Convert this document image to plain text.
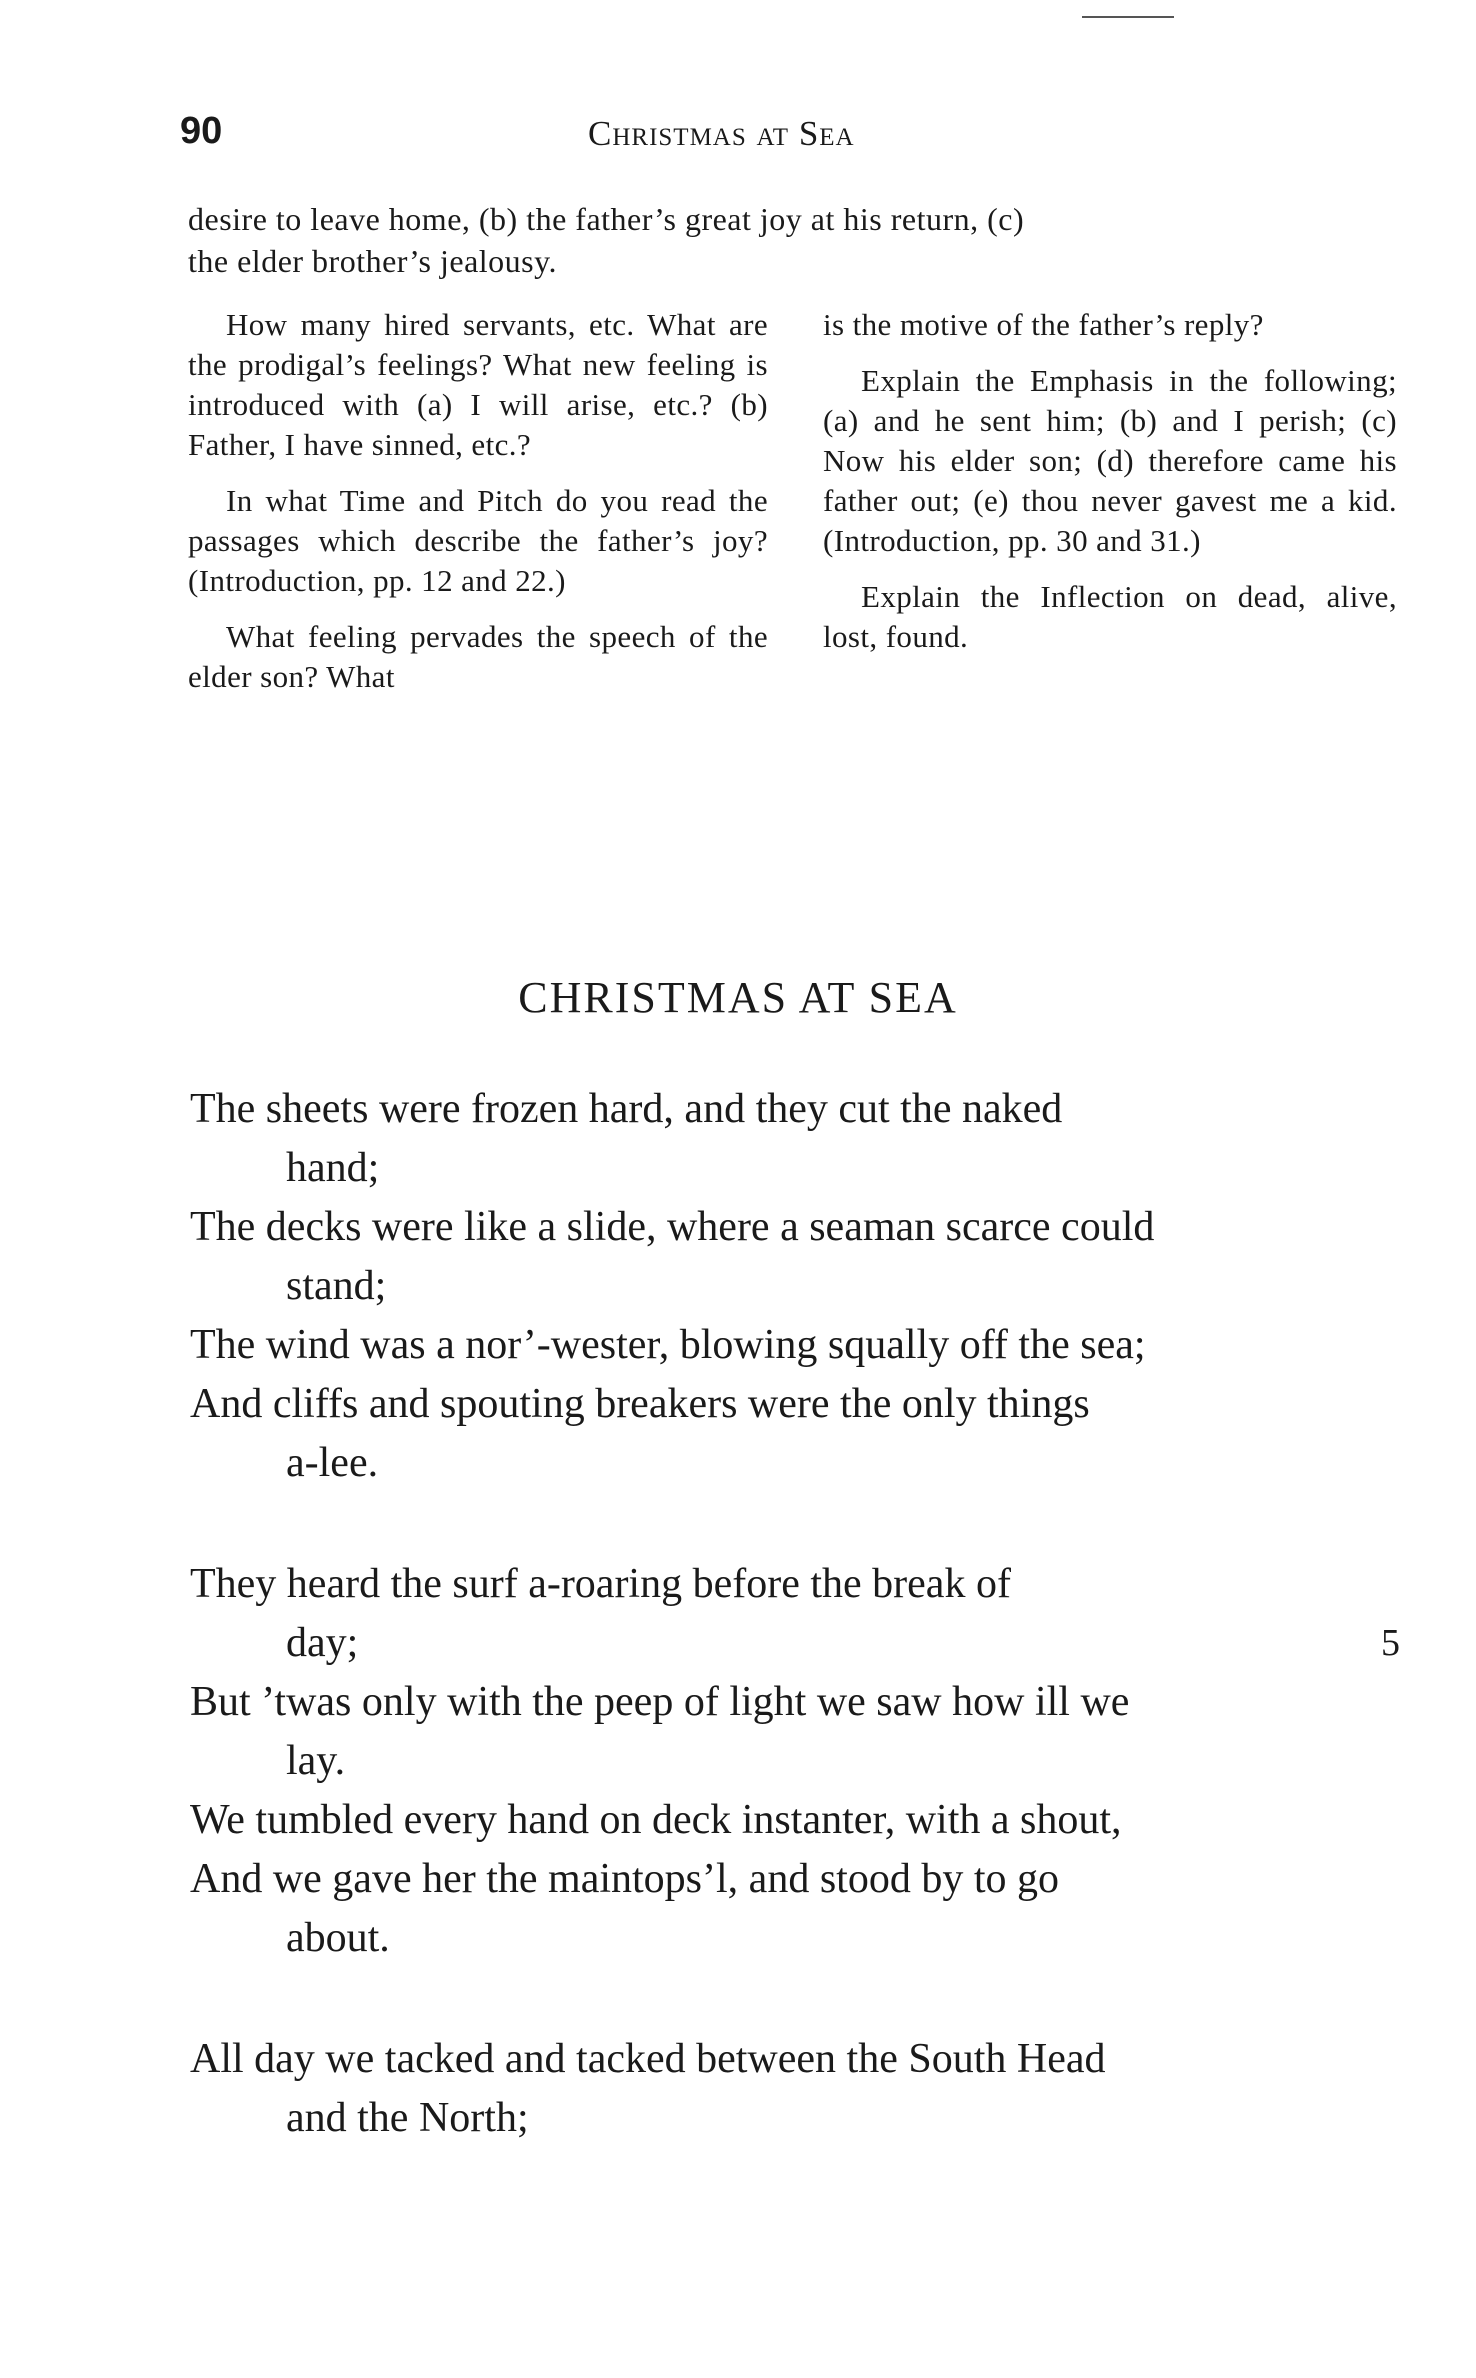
90	Christmas at Sea
desire to leave home, (b) the father’s great joy at his return, (c)
the elder brother’s jealousy.

How many hired servants, etc. What are the prodigal’s feelings? What new feeling is introduced with (a) I will arise, etc.? (b) Father, I have sinned, etc.?

In what Time and Pitch do you read the passages which describe the father’s joy? (Introduction, pp. 12 and 22.)

What feeling pervades the speech of the elder son? What

is the motive of the father’s reply?

Explain the Emphasis in the following; (a) and he sent him; (b) and I perish; (c) Now his elder son; (d) therefore came his father out; (e) thou never gavest me a kid. (Introduction, pp. 30 and 31.)

Explain the Inflection on dead, alive, lost, found.

CHRISTMAS AT SEA
The sheets were frozen hard, and they cut the naked
hand;
The decks were like a slide, where a seaman scarce could
stand;
The wind was a nor’-wester, blowing squally off the sea;
And cliffs and spouting breakers were the only things
a-lee.
They heard the surf a-roaring before the break of
day;	5
But ’twas only with the peep of light we saw how ill we
lay.
We tumbled every hand on deck instanter, with a shout,
And we gave her the maintops’l, and stood by to go
about.
All day we tacked and tacked between the South Head
and the North;
